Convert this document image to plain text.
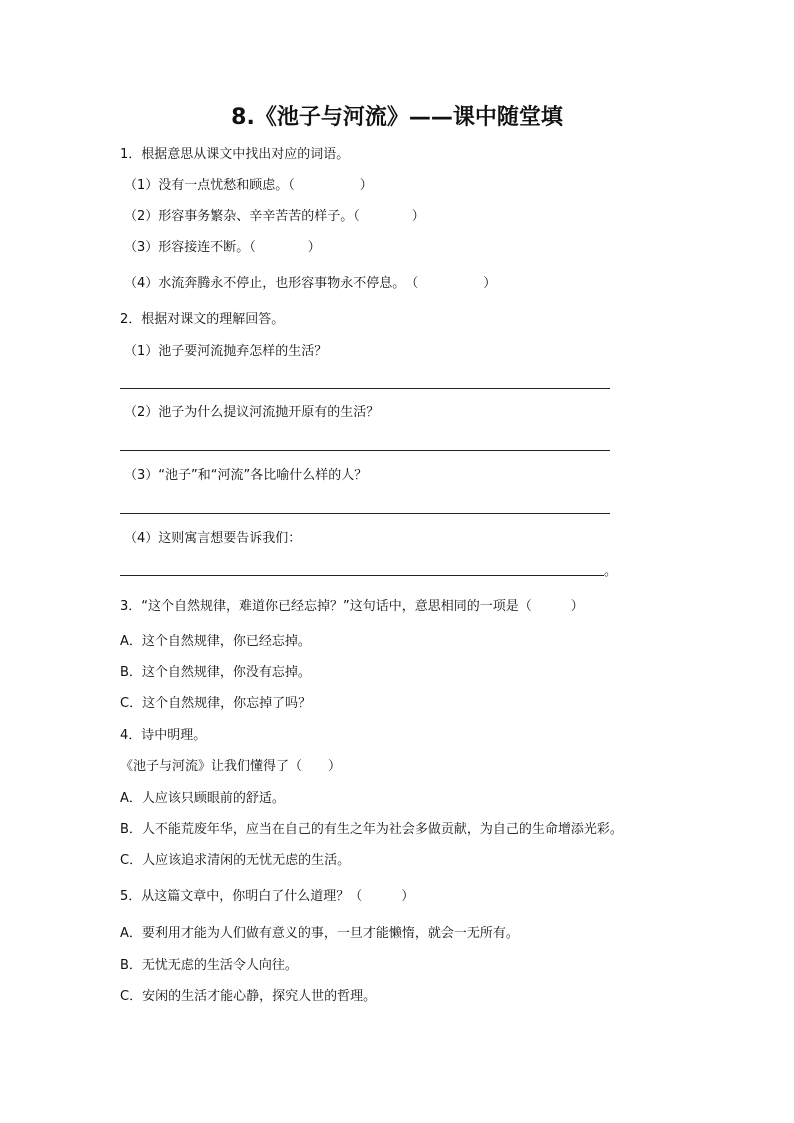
8.《池子与河流》——课中随堂填
1．根据意思从课文中找出对应的词语。
（1）没有一点忧愁和顾虑。（　　　　　）
（2）形容事务繁杂、辛辛苦苦的样子。（　　　　）
（3）形容接连不断。（　　　　）
（4）水流奔腾永不停止，也形容事物永不停息。　（　　　　　）
2．根据对课文的理解回答。
（1）池子要河流抛弃怎样的生活？
（2）池子为什么提议河流抛开原有的生活？
（3）“池子”和“河流”各比喻什么样的人？
（4）这则寓言想要告诉我们：
。
3．“这个自然规律，难道你已经忘掉？”这句话中，意思相同的一项是（　　　）
A．这个自然规律，你已经忘掉。
B．这个自然规律，你没有忘掉。
C．这个自然规律，你忘掉了吗？
4．诗中明理。
《池子与河流》让我们懂得了（　　）
A．人应该只顾眼前的舒适。
B．人不能荒废年华，应当在自己的有生之年为社会多做贡献，为自己的生命增添光彩。
C．人应该追求清闲的无忧无虑的生活。
5．从这篇文章中，你明白了什么道理？（　　　）
A．要利用才能为人们做有意义的事，一旦才能懒惰，就会一无所有。
B．无忧无虑的生活令人向往。
C．安闲的生活才能心静，探究人世的哲理。
